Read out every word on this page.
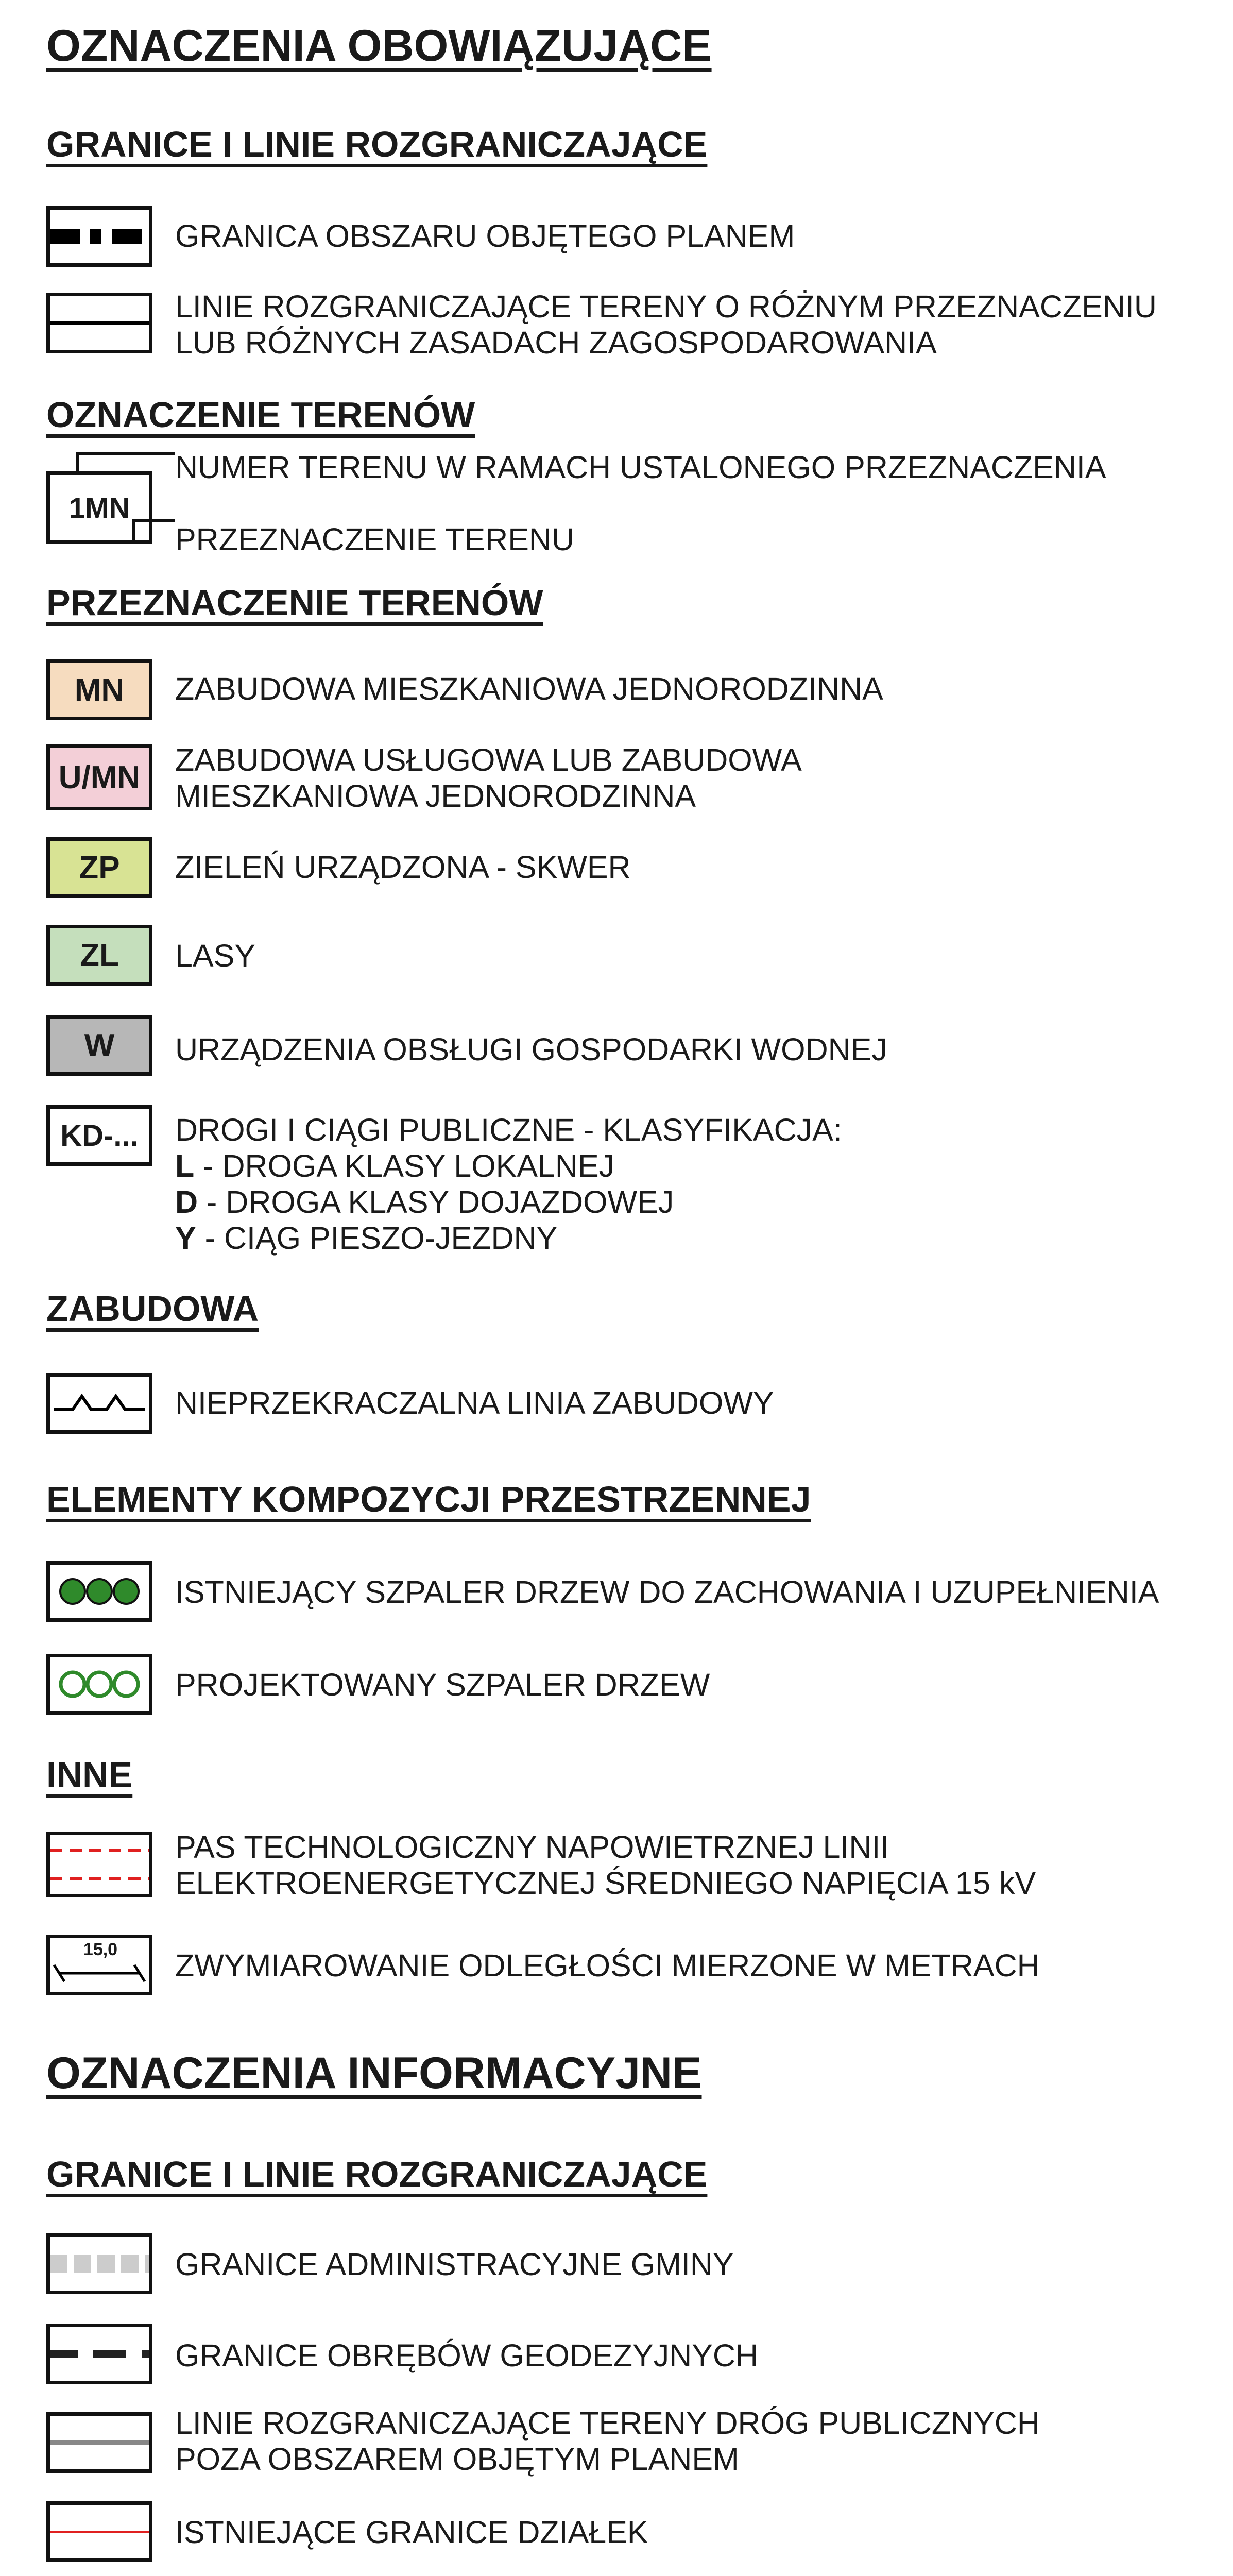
OZNACZENIA OBOWIĄZUJĄCE
GRANICE I LINIE ROZGRANICZAJĄCE
GRANICA OBSZARU OBJĘTEGO PLANEM
LINIE ROZGRANICZAJĄCE TERENY O RÓŻNYM PRZEZNACZENIU
LUB RÓŻNYCH ZASADACH ZAGOSPODAROWANIA
OZNACZENIE TERENÓW
1MN
NUMER TERENU W RAMACH USTALONEGO PRZEZNACZENIA
PRZEZNACZENIE TERENU
PRZEZNACZENIE TERENÓW
MN	ZABUDOWA MIESZKANIOWA JEDNORODZINNA
U/MN	ZABUDOWA USŁUGOWA LUB ZABUDOWA
MIESZKANIOWA JEDNORODZINNA
ZP	ZIELEŃ URZĄDZONA - SKWER
ZL	LASY
W	URZĄDZENIA OBSŁUGI GOSPODARKI WODNEJ
KD-...	DROGI I CIĄGI PUBLICZNE - KLASYFIKACJA:
L - DROGA KLASY LOKALNEJ
D - DROGA KLASY DOJAZDOWEJ
Y - CIĄG PIESZO-JEZDNY
ZABUDOWA
NIEPRZEKRACZALNA LINIA ZABUDOWY
ELEMENTY KOMPOZYCJI PRZESTRZENNEJ
ISTNIEJĄCY SZPALER DRZEW DO ZACHOWANIA I UZUPEŁNIENIA
PROJEKTOWANY SZPALER DRZEW
INNE
PAS TECHNOLOGICZNY NAPOWIETRZNEJ LINII
ELEKTROENERGETYCZNEJ ŚREDNIEGO NAPIĘCIA 15 kV
15,0	ZWYMIAROWANIE ODLEGŁOŚCI MIERZONE W METRACH
OZNACZENIA INFORMACYJNE
GRANICE I LINIE ROZGRANICZAJĄCE
GRANICE ADMINISTRACYJNE GMINY
GRANICE OBRĘBÓW GEODEZYJNYCH
LINIE ROZGRANICZAJĄCE TERENY DRÓG PUBLICZNYCH
POZA OBSZAREM OBJĘTYM PLANEM
ISTNIEJĄCE GRANICE DZIAŁEK
